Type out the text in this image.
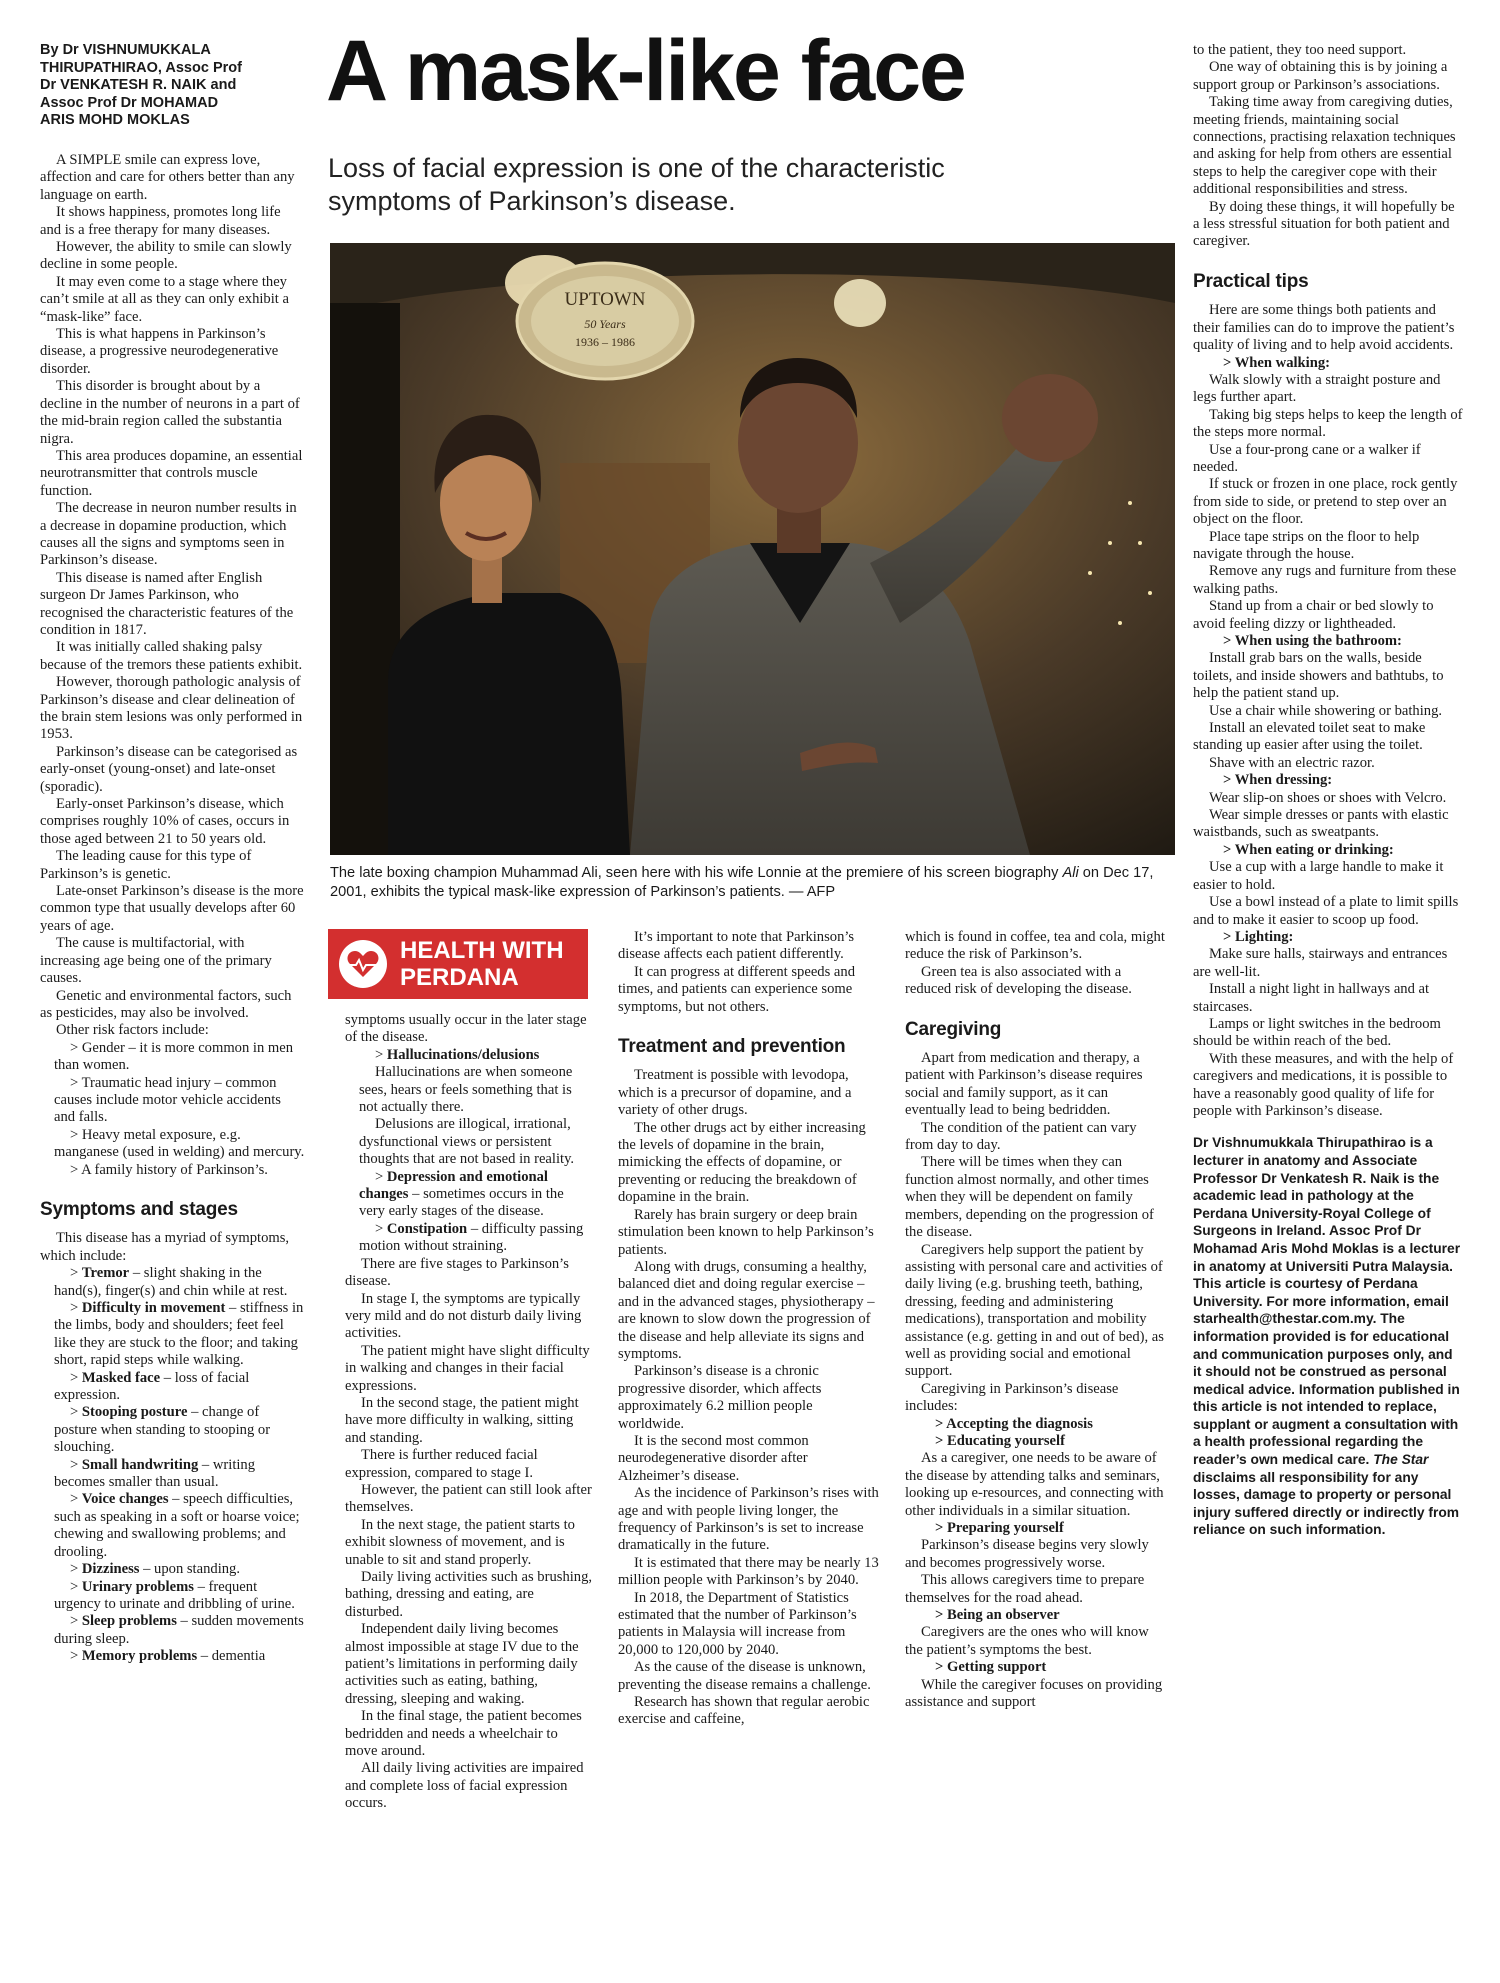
By Dr VISHNUMUKKALA
THIRUPATHIRAO, Assoc Prof
Dr VENKATESH R. NAIK and
Assoc Prof Dr MOHAMAD
ARIS MOHD MOKLAS
A mask-like face
Loss of facial expression is one of the characteristic
symptoms of Parkinson’s disease.
UPTOWN
50 Years
1936 – 1986
The late boxing champion Muhammad Ali, seen here with his wife Lonnie at the premiere of his screen biography Ali on Dec 17, 2001, exhibits the typical mask-like expression of Parkinson’s patients. — AFP
HEALTH WITH
PERDANA

A SIMPLE smile can express love, affection and care for others better than any language on earth.

It shows happiness, promotes long life and is a free therapy for many diseases.

However, the ability to smile can slowly decline in some people.

It may even come to a stage where they can’t smile at all as they can only exhibit a “mask-like” face.

This is what happens in Parkinson’s disease, a progressive neurodegenerative disorder.

This disorder is brought about by a decline in the number of neurons in a part of the mid-brain region called the substantia nigra.

This area produces dopamine, an essential neurotransmitter that controls muscle function.

The decrease in neuron number results in a decrease in dopamine production, which causes all the signs and symptoms seen in Parkinson’s disease.

This disease is named after English surgeon Dr James Parkinson, who recognised the characteristic features of the condition in 1817.

It was initially called shaking palsy because of the tremors these patients exhibit.

However, thorough pathologic analysis of Parkinson’s disease and clear delineation of the brain stem lesions was only performed in 1953.

Parkinson’s disease can be categorised as early-onset (young-onset) and late-onset (sporadic).

Early-onset Parkinson’s disease, which comprises roughly 10% of cases, occurs in those aged between 21 to 50 years old.

The leading cause for this type of Parkinson’s is genetic.

Late-onset Parkinson’s disease is the more common type that usually develops after 60 years of age.

The cause is multifactorial, with increasing age being one of the primary causes.

Genetic and environmental factors, such as pesticides, may also be involved.

Other risk factors include:

> Gender – it is more common in men than women.

> Traumatic head injury – common causes include motor vehicle accidents and falls.

> Heavy metal exposure, e.g. manganese (used in welding) and mercury.

> A family history of Parkinson’s.

Symptoms and stages

This disease has a myriad of symptoms, which include:

> Tremor – slight shaking in the hand(s), finger(s) and chin while at rest.

> Difficulty in movement – stiffness in the limbs, body and shoulders; feet feel like they are stuck to the floor; and taking short, rapid steps while walking.

> Masked face – loss of facial expression.

> Stooping posture – change of posture when standing to stooping or slouching.

> Small handwriting – writing becomes smaller than usual.

> Voice changes – speech difficulties, such as speaking in a soft or hoarse voice; chewing and swallowing problems; and drooling.

> Dizziness – upon standing.

> Urinary problems – frequent urgency to urinate and dribbling of urine.

> Sleep problems – sudden movements during sleep.

> Memory problems – dementia

symptoms usually occur in the later stage of the disease.

> Hallucinations/delusions

Hallucinations are when someone sees, hears or feels something that is not actually there.

Delusions are illogical, irrational, dysfunctional views or persistent thoughts that are not based in reality.

> Depression and emotional changes – sometimes occurs in the very early stages of the disease.

> Constipation – difficulty passing motion without straining.

There are five stages to Parkinson’s disease.

In stage I, the symptoms are typically very mild and do not disturb daily living activities.

The patient might have slight difficulty in walking and changes in their facial expressions.

In the second stage, the patient might have more difficulty in walking, sitting and standing.

There is further reduced facial expression, compared to stage I.

However, the patient can still look after themselves.

In the next stage, the patient starts to exhibit slowness of movement, and is unable to sit and stand properly.

Daily living activities such as brushing, bathing, dressing and eating, are disturbed.

Independent daily living becomes almost impossible at stage IV due to the patient’s limitations in performing daily activities such as eating, bathing, dressing, sleeping and waking.

In the final stage, the patient becomes bedridden and needs a wheelchair to move around.

All daily living activities are impaired and complete loss of facial expression occurs.

It’s important to note that Parkinson’s disease affects each patient differently.

It can progress at different speeds and times, and patients can experience some symptoms, but not others.

Treatment and prevention

Treatment is possible with levodopa, which is a precursor of dopamine, and a variety of other drugs.

The other drugs act by either increasing the levels of dopamine in the brain, mimicking the effects of dopamine, or preventing or reducing the breakdown of dopamine in the brain.

Rarely has brain surgery or deep brain stimulation been known to help Parkinson’s patients.

Along with drugs, consuming a healthy, balanced diet and doing regular exercise – and in the advanced stages, physiotherapy – are known to slow down the progression of the disease and help alleviate its signs and symptoms.

Parkinson’s disease is a chronic progressive disorder, which affects approximately 6.2 million people worldwide.

It is the second most common neurodegenerative disorder after Alzheimer’s disease.

As the incidence of Parkinson’s rises with age and with people living longer, the frequency of Parkinson’s is set to increase dramatically in the future.

It is estimated that there may be nearly 13 million people with Parkinson’s by 2040.

In 2018, the Department of Statistics estimated that the number of Parkinson’s patients in Malaysia will increase from 20,000 to 120,000 by 2040.

As the cause of the disease is unknown, preventing the disease remains a challenge.

Research has shown that regular aerobic exercise and caffeine,

which is found in coffee, tea and cola, might reduce the risk of Parkinson’s.

Green tea is also associated with a reduced risk of developing the disease.

Caregiving

Apart from medication and therapy, a patient with Parkinson’s disease requires social and family support, as it can eventually lead to being bedridden.

The condition of the patient can vary from day to day.

There will be times when they can function almost normally, and other times when they will be dependent on family members, depending on the progression of the disease.

Caregivers help support the patient by assisting with personal care and activities of daily living (e.g. brushing teeth, bathing, dressing, feeding and administering medications), transportation and mobility assistance (e.g. getting in and out of bed), as well as providing social and emotional support.

Caregiving in Parkinson’s disease includes:

> Accepting the diagnosis

> Educating yourself

As a caregiver, one needs to be aware of the disease by attending talks and seminars, looking up e-resources, and connecting with other individuals in a similar situation.

> Preparing yourself

Parkinson’s disease begins very slowly and becomes progressively worse.

This allows caregivers time to prepare themselves for the road ahead.

> Being an observer

Caregivers are the ones who will know the patient’s symptoms the best.

> Getting support

While the caregiver focuses on providing assistance and support

to the patient, they too need support.

One way of obtaining this is by joining a support group or Parkinson’s associations.

Taking time away from caregiving duties, meeting friends, maintaining social connections, practising relaxation techniques and asking for help from others are essential steps to help the caregiver cope with their additional responsibilities and stress.

By doing these things, it will hopefully be a less stressful situation for both patient and caregiver.

Practical tips

Here are some things both patients and their families can do to improve the patient’s quality of living and to help avoid accidents.

> When walking:

Walk slowly with a straight posture and legs further apart.

Taking big steps helps to keep the length of the steps more normal.

Use a four-prong cane or a walker if needed.

If stuck or frozen in one place, rock gently from side to side, or pretend to step over an object on the floor.

Place tape strips on the floor to help navigate through the house.

Remove any rugs and furniture from these walking paths.

Stand up from a chair or bed slowly to avoid feeling dizzy or lightheaded.

> When using the bathroom:

Install grab bars on the walls, beside toilets, and inside showers and bathtubs, to help the patient stand up.

Use a chair while showering or bathing.

Install an elevated toilet seat to make standing up easier after using the toilet.

Shave with an electric razor.

> When dressing:

Wear slip-on shoes or shoes with Velcro.

Wear simple dresses or pants with elastic waistbands, such as sweatpants.

> When eating or drinking:

Use a cup with a large handle to make it easier to hold.

Use a bowl instead of a plate to limit spills and to make it easier to scoop up food.

> Lighting:

Make sure halls, stairways and entrances are well-lit.

Install a night light in hallways and at staircases.

Lamps or light switches in the bedroom should be within reach of the bed.

With these measures, and with the help of caregivers and medications, it is possible to have a reasonably good quality of life for people with Parkinson’s disease.

Dr Vishnumukkala Thirupathirao is a lecturer in anatomy and Associate Professor Dr Venkatesh R. Naik is the academic lead in pathology at the Perdana University-Royal College of Surgeons in Ireland. Assoc Prof Dr Mohamad Aris Mohd Moklas is a lecturer in anatomy at Universiti Putra Malaysia. This article is courtesy of Perdana University. For more information, email starhealth@thestar.com.my. The information provided is for educational and communication purposes only, and it should not be construed as personal medical advice. Information published in this article is not intended to replace, supplant or augment a consultation with a health professional regarding the reader’s own medical care. The Star disclaims all responsibility for any losses, damage to property or personal injury suffered directly or indirectly from reliance on such information.
